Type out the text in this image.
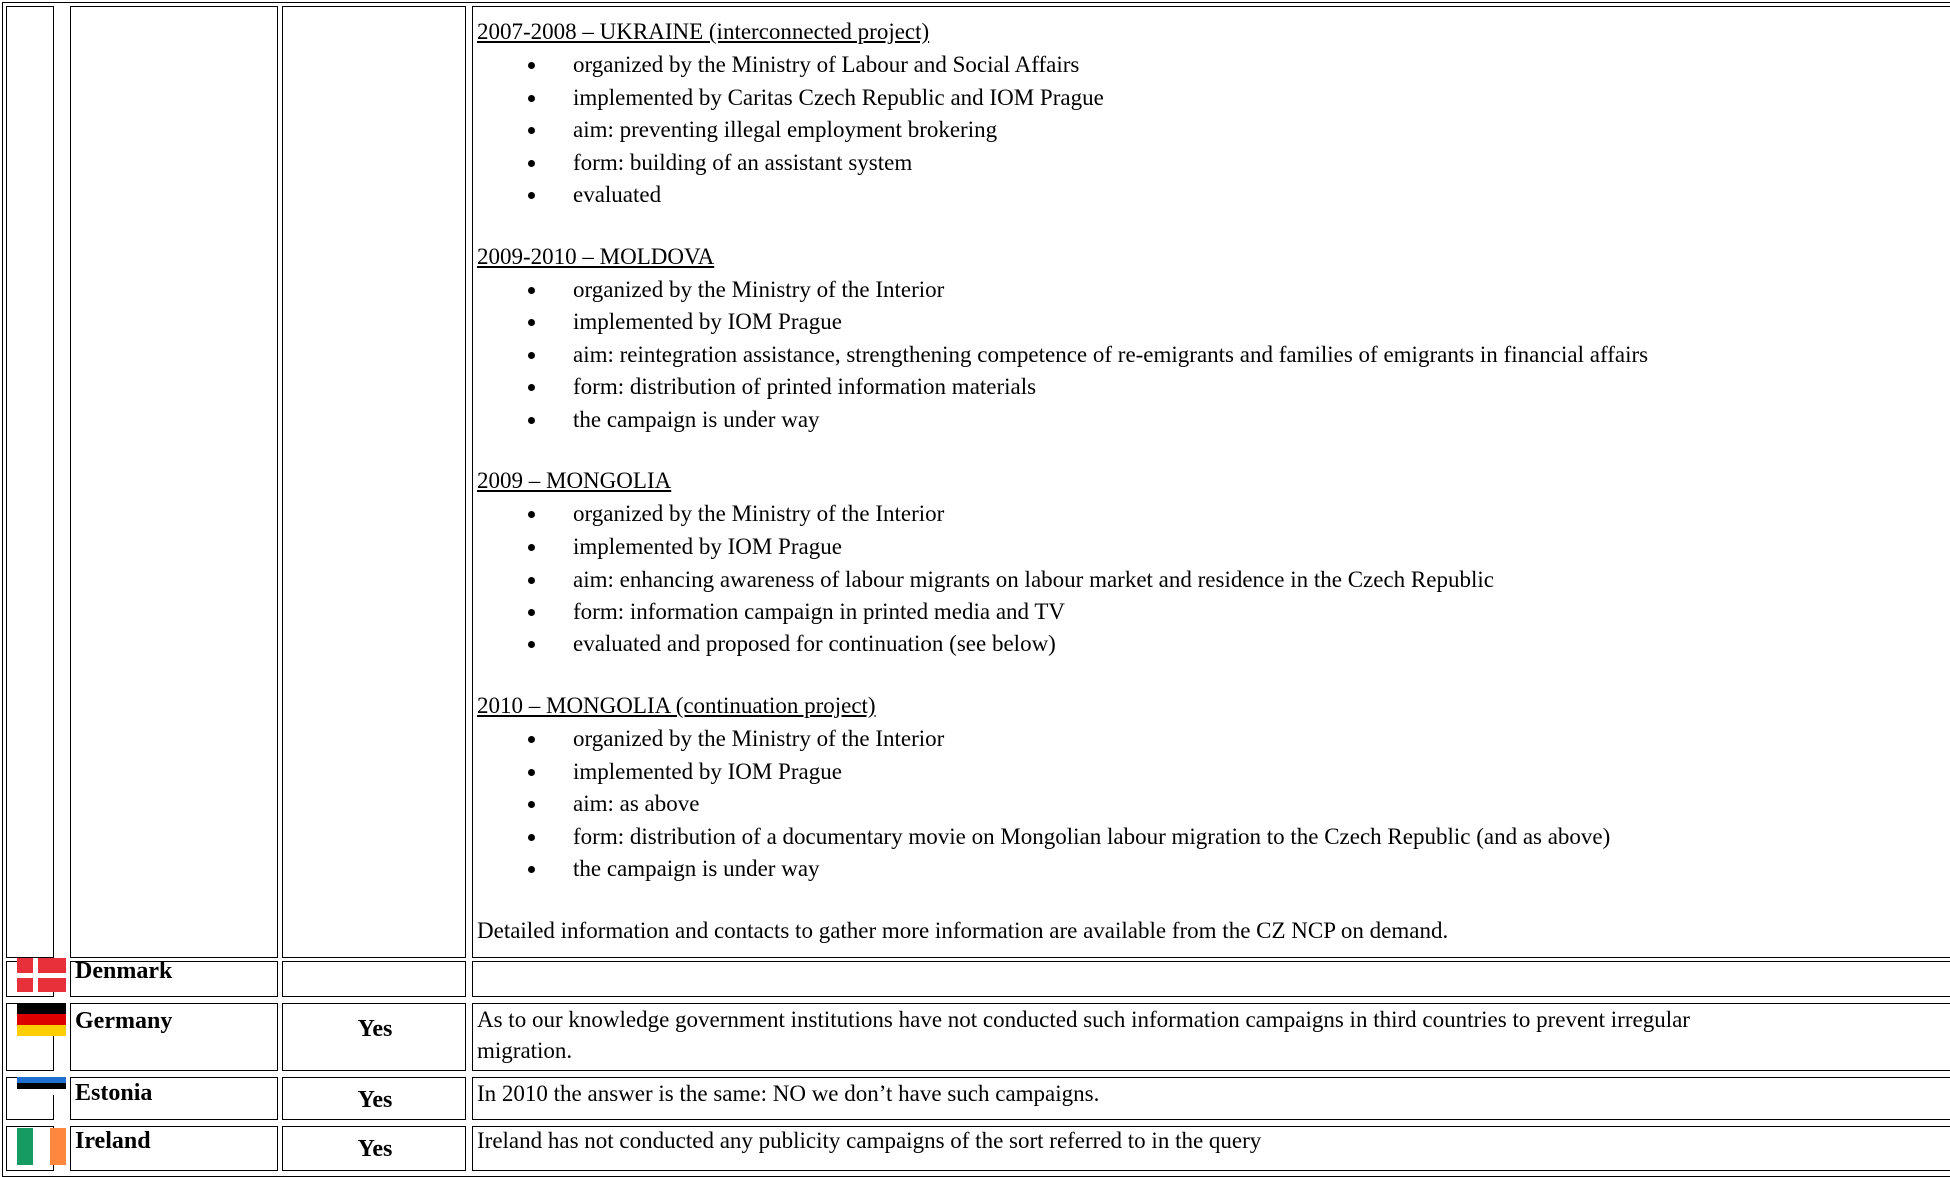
2007-2008 – UKRAINE (interconnected project)
organized by the Ministry of Labour and Social Affairs
implemented by Caritas Czech Republic and IOM Prague
aim: preventing illegal employment brokering
form: building of an assistant system
evaluated
2009-2010 – MOLDOVA
organized by the Ministry of the Interior
implemented by IOM Prague
aim: reintegration assistance, strengthening competence of re-emigrants and families of emigrants in financial affairs
form: distribution of printed information materials
the campaign is under way
2009 – MONGOLIA
organized by the Ministry of the Interior
implemented by IOM Prague
aim: enhancing awareness of labour migrants on labour market and residence in the Czech Republic
form: information campaign in printed media and TV
evaluated and proposed for continuation (see below)
2010 – MONGOLIA (continuation project)
organized by the Ministry of the Interior
implemented by IOM Prague
aim: as above
form: distribution of a documentary movie on Mongolian labour migration to the Czech Republic (and as above)
the campaign is under way
Detailed information and contacts to gather more information are available from the CZ NCP on demand.
Denmark
Germany	Yes	As to our knowledge government institutions have not conducted such information campaigns in third countries to prevent irregular
migration.
Estonia	Yes	In 2010 the answer is the same: NO we don’t have such campaigns.
Ireland	Yes	Ireland has not conducted any publicity campaigns of the sort referred to in the query
